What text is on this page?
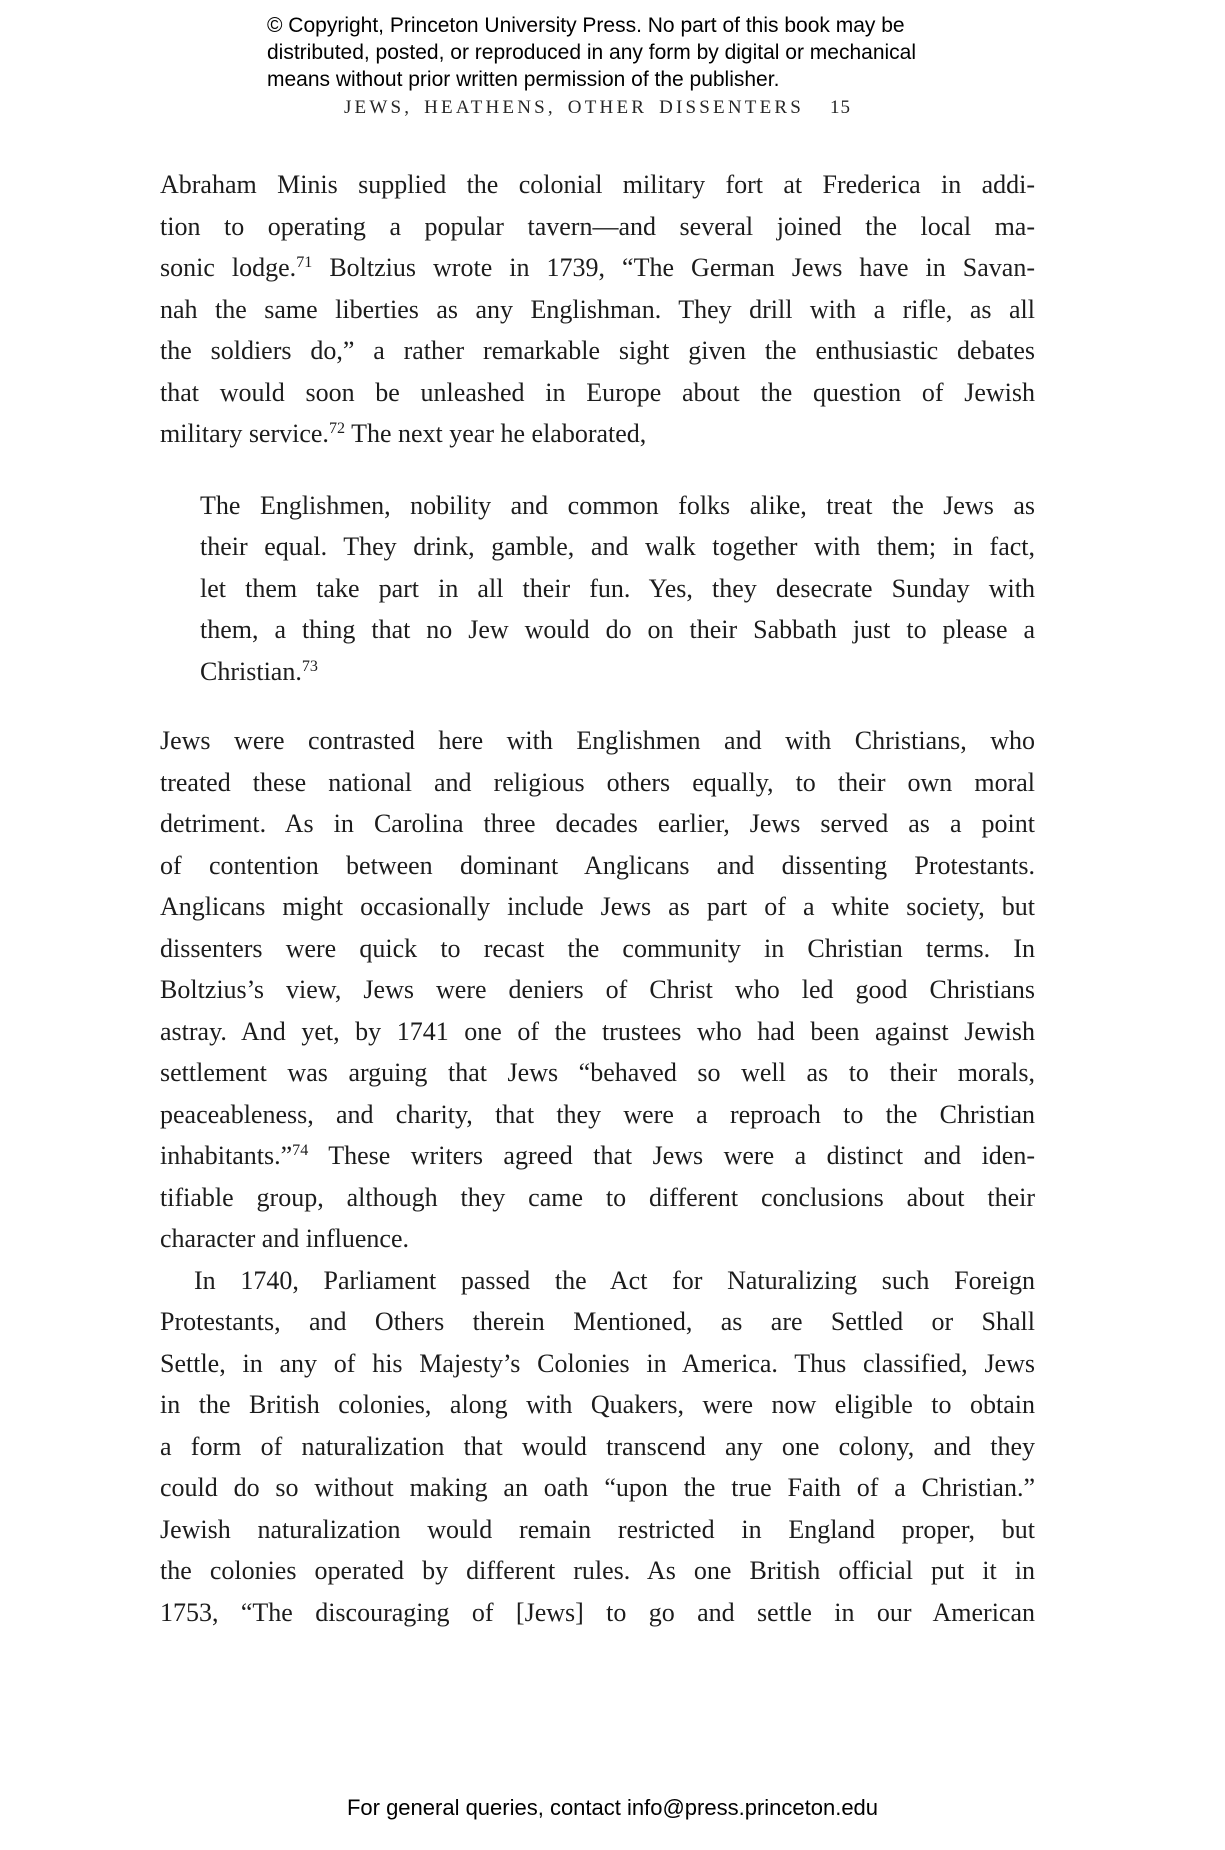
© Copyright, Princeton University Press. No part of this book may be
distributed, posted, or reproduced in any form by digital or mechanical
means without prior written permission of the publisher.
JEWS, HEATHENS, OTHER DISSENTERS 15
Abraham Minis supplied the colonial military fort at Frederica in addi-
tion to operating a popular tavern—and several joined the local ma-
sonic lodge.$^{71}$ Boltzius wrote in 1739, “The German Jews have in Savan-
nah the same liberties as any Englishman. They drill with a rifle, as all
the soldiers do,” a rather remarkable sight given the enthusiastic debates
that would soon be unleashed in Europe about the question of Jewish
military service.$^{72}$ The next year he elaborated,
The Englishmen, nobility and common folks alike, treat the Jews as
their equal. They drink, gamble, and walk together with them; in fact,
let them take part in all their fun. Yes, they desecrate Sunday with
them, a thing that no Jew would do on their Sabbath just to please a
Christian.$^{73}$
Jews were contrasted here with Englishmen and with Christians, who
treated these national and religious others equally, to their own moral
detriment. As in Carolina three decades earlier, Jews served as a point
of contention between dominant Anglicans and dissenting Protestants.
Anglicans might occasionally include Jews as part of a white society, but
dissenters were quick to recast the community in Christian terms. In
Boltzius’s view, Jews were deniers of Christ who led good Christians
astray. And yet, by 1741 one of the trustees who had been against Jewish
settlement was arguing that Jews “behaved so well as to their morals,
peaceableness, and charity, that they were a reproach to the Christian
inhabitants.”$^{74}$ These writers agreed that Jews were a distinct and iden-
tifiable group, although they came to different conclusions about their
character and influence.
In 1740, Parliament passed the Act for Naturalizing such Foreign
Protestants, and Others therein Mentioned, as are Settled or Shall
Settle, in any of his Majesty’s Colonies in America. Thus classified, Jews
in the British colonies, along with Quakers, were now eligible to obtain
a form of naturalization that would transcend any one colony, and they
could do so without making an oath “upon the true Faith of a Christian.”
Jewish naturalization would remain restricted in England proper, but
the colonies operated by different rules. As one British official put it in
1753, “The discouraging of [Jews] to go and settle in our American
For general queries, contact info@press.princeton.edu
